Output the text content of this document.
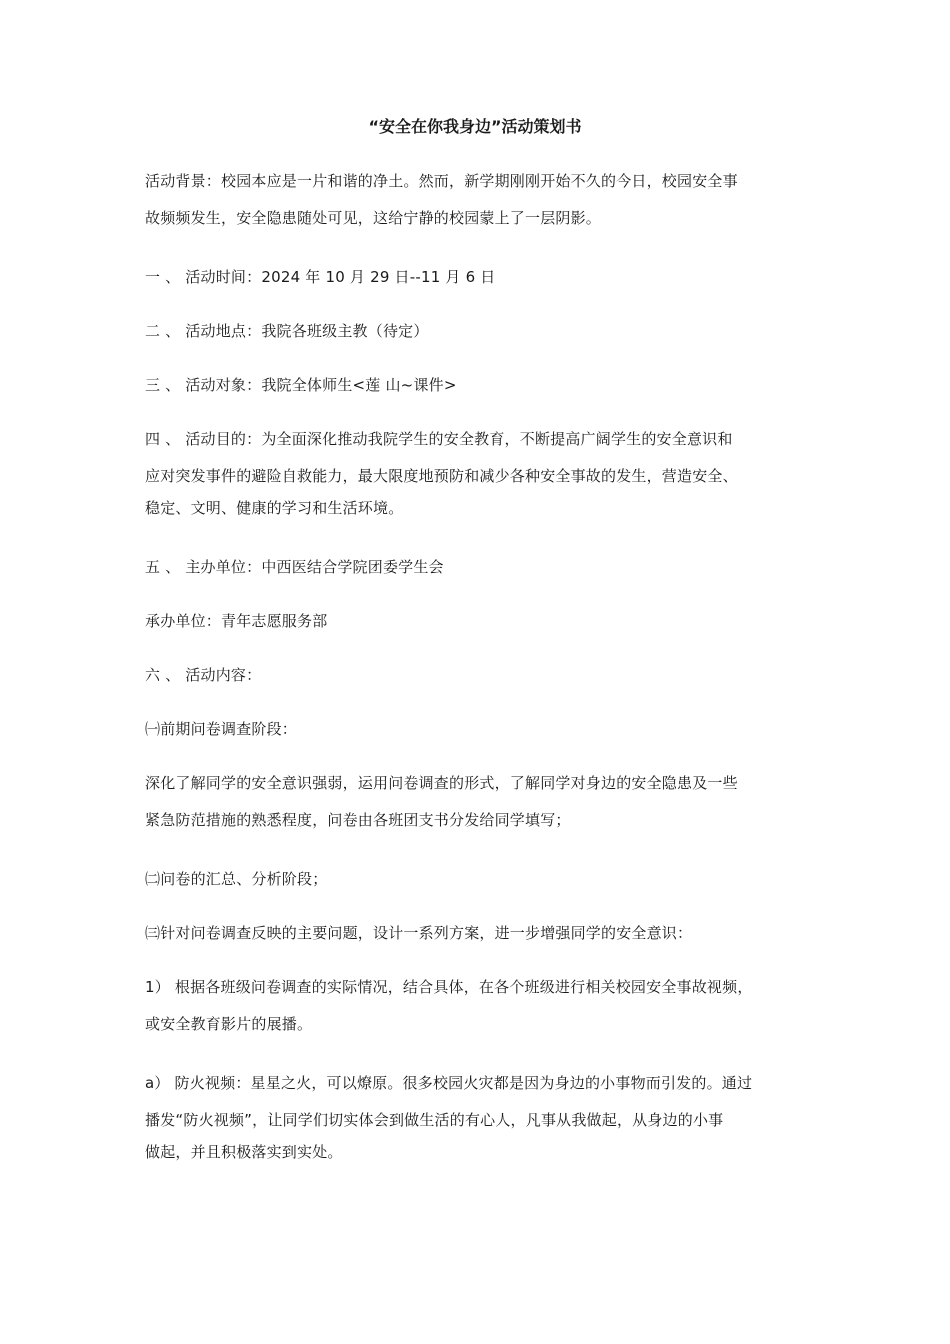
“安全在你我身边”活动策划书

活动背景：校园本应是一片和谐的净土。然而，新学期刚刚开始不久的今日，校园安全事
故频频发生，安全隐患随处可见，这给宁静的校园蒙上了一层阴影。

一 、 活动时间：2024 年 10 月 29 日--11 月 6 日

二 、 活动地点：我院各班级主教（待定）

三 、 活动对象：我院全体师生<莲 山~课件>

四 、 活动目的：为全面深化推动我院学生的安全教育，不断提高广阔学生的安全意识和
应对突发事件的避险自救能力，最大限度地预防和减少各种安全事故的发生，营造安全、
稳定、文明、健康的学习和生活环境。

五 、 主办单位：中西医结合学院团委学生会

承办单位：青年志愿服务部

六 、 活动内容：

㈠前期问卷调查阶段：

深化了解同学的安全意识强弱，运用问卷调查的形式，了解同学对身边的安全隐患及一些
紧急防范措施的熟悉程度，问卷由各班团支书分发给同学填写；

㈡问卷的汇总、分析阶段；

㈢针对问卷调查反映的主要问题，设计一系列方案，进一步增强同学的安全意识：

1） 根据各班级问卷调查的实际情况，结合具体，在各个班级进行相关校园安全事故视频，
或安全教育影片的展播。

a） 防火视频：星星之火，可以燎原。很多校园火灾都是因为身边的小事物而引发的。通过
播发“防火视频”，让同学们切实体会到做生活的有心人，凡事从我做起，从身边的小事
做起，并且积极落实到实处。
